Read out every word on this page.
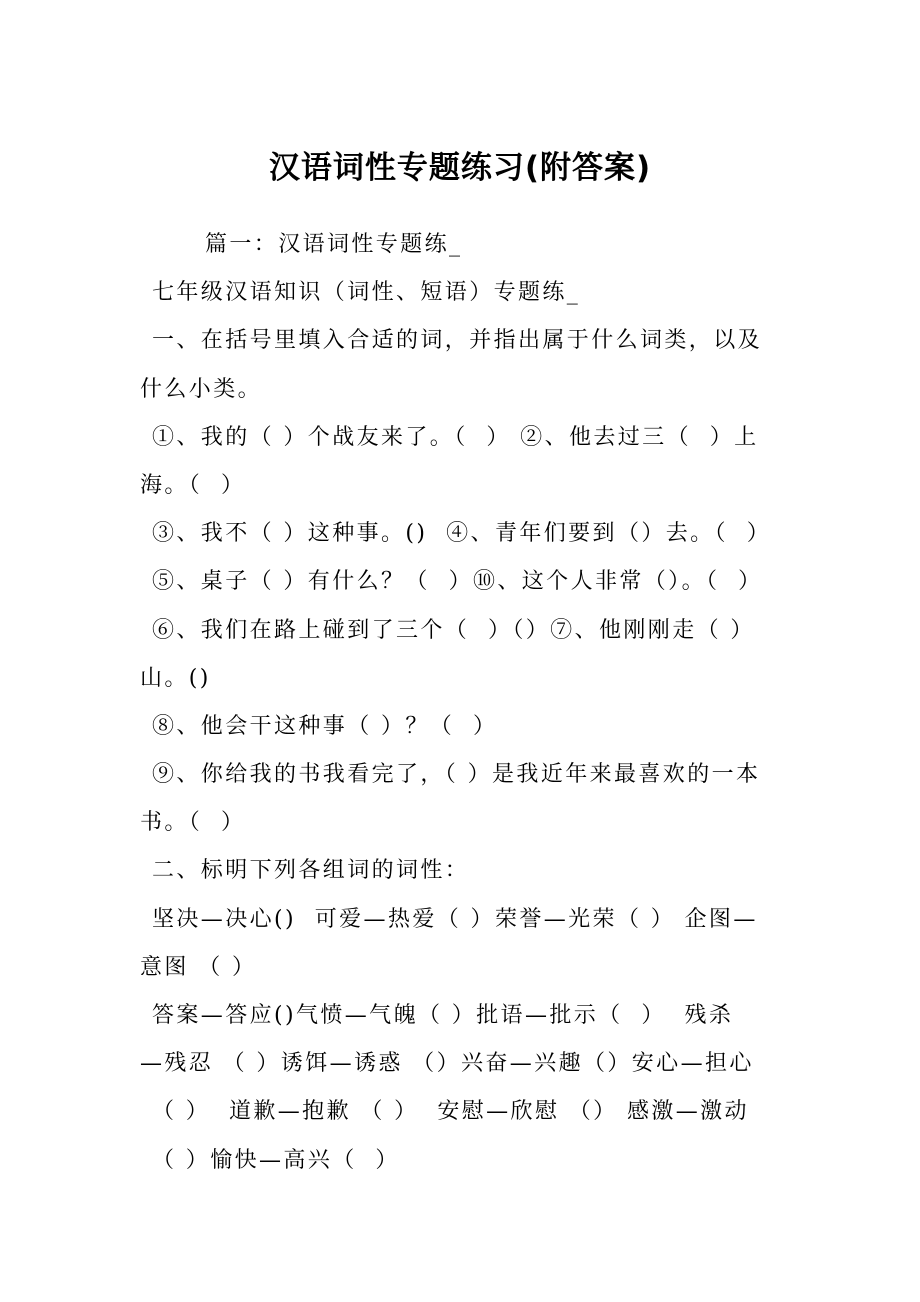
汉语词性专题练习(附答案)
篇一：汉语词性专题练_
七年级汉语知识（词性、短语）专题练_
一、在括号里填入合适的词，并指出属于什么词类，以及
什么小类。
①、我的（ ）个战友来了。（  ） ②、他去过三（  ）上
海。（  ）
③、我不（ ）这种事。()  ④、青年们要到（）去。（  ）
⑤、桌子（ ）有什么？（  ）⑩、这个人非常（）。（  ）
⑥、我们在路上碰到了三个（  ）（）⑦、他刚刚走（ ）
山。()
⑧、他会干这种事（ ）？（  ）
⑨、你给我的书我看完了，（ ）是我近年来最喜欢的一本
书。（  ）
二、标明下列各组词的词性：
坚决—决心()  可爱—热爱（ ）荣誉—光荣（ ） 企图—
意图 （ ）
答案—答应()气愤—气魄（ ）批语—批示（  ）  残杀
—残忍 （ ）诱饵—诱惑 （）兴奋—兴趣（）安心—担心
（ ）  道歉—抱歉 （ ）  安慰—欣慰 （） 感激—激动
（ ）愉快—高兴（  ）
